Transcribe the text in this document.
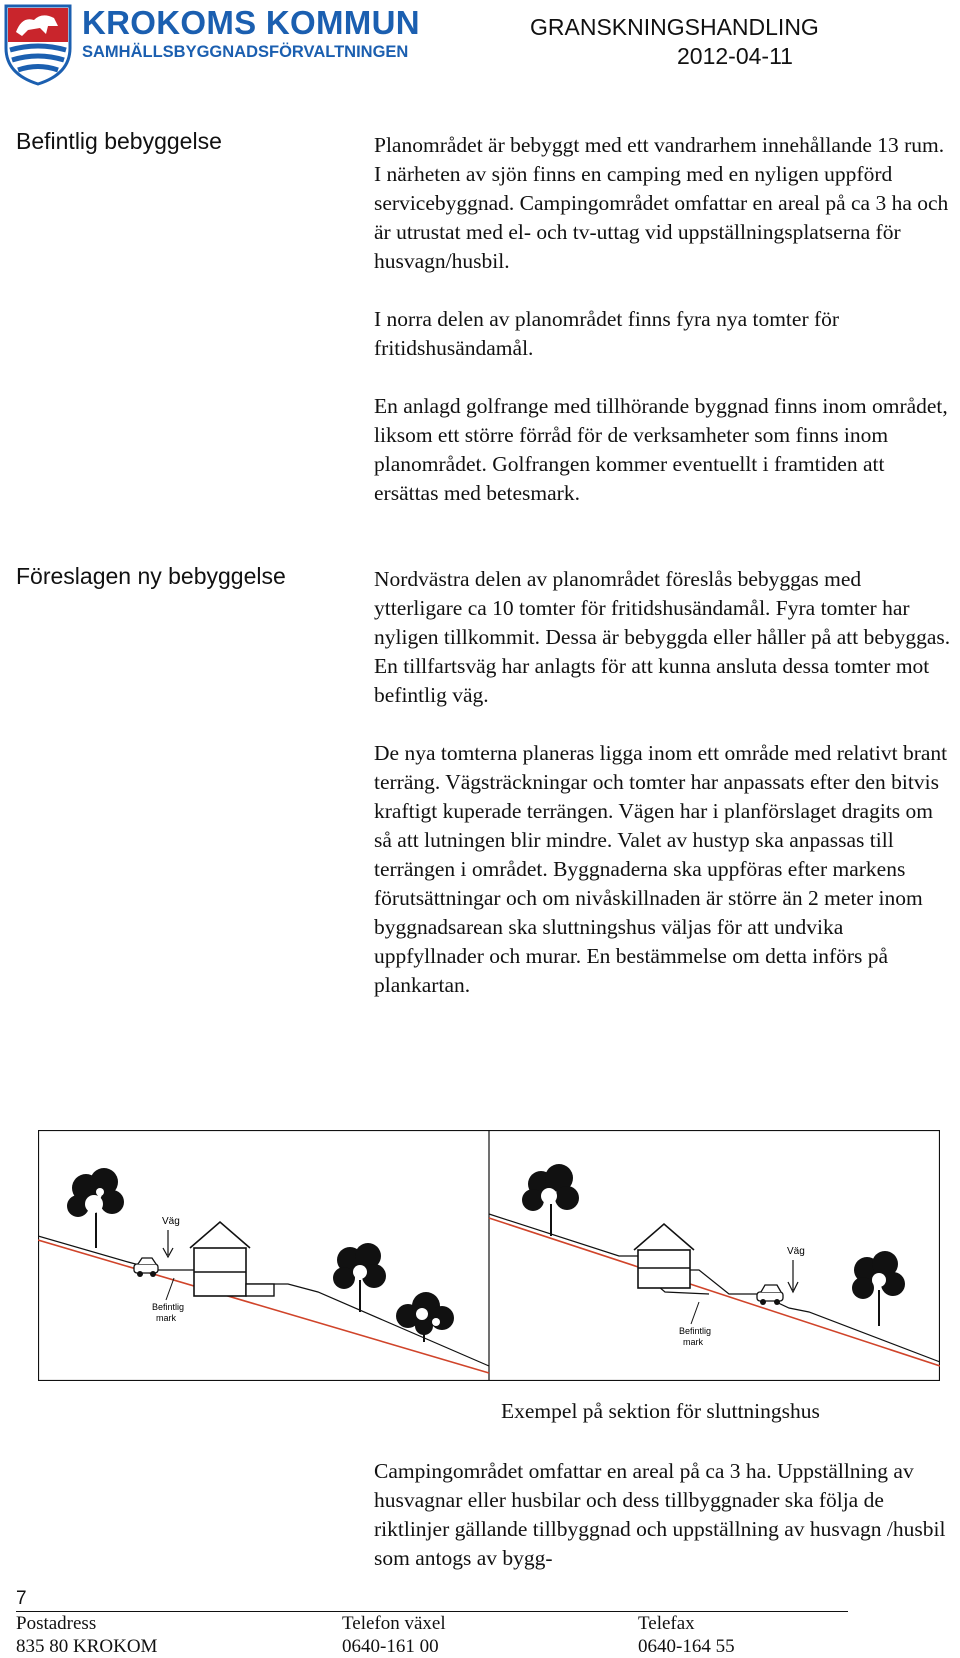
KROKOMS KOMMUN
SAMHÄLLSBYGGNADSFÖRVALTNINGEN
GRANSKNINGSHANDLING
2012-04-11
Befintlig bebyggelse	Planområdet är bebyggt med ett vandrarhem innehållande 13 rum. I närheten av sjön finns en camping med en nyligen uppförd servicebyggnad. Campingområdet omfattar en areal på ca 3 ha och är utrustat med el- och tv-uttag vid uppställningsplatserna för husvagn/husbil.

I norra delen av planområdet finns fyra nya tomter för fritidshusändamål.

En anlagd golfrange med tillhörande byggnad finns inom området, liksom ett större förråd för de verksamheter som finns inom planområdet. Golfrangen kommer eventuellt i framtiden att ersättas med betesmark.

Föreslagen ny bebyggelse	Nordvästra delen av planområdet föreslås bebyggas med ytterligare ca 10 tomter för fritidshusändamål. Fyra tomter har nyligen tillkommit. Dessa är bebyggda eller håller på att bebyggas. En tillfartsväg har anlagts för att kunna ansluta dessa tomter mot befintlig väg.

De nya tomterna planeras ligga inom ett område med relativt brant terräng. Vägsträckningar och tomter har anpassats efter den bitvis kraftigt kuperade terrängen. Vägen har i planförslaget dragits om så att lutningen blir mindre. Valet av hustyp ska anpassas till terrängen i området. Byggnaderna ska uppföras efter markens förutsättningar och om nivåskillnaden är större än 2 meter inom byggnadsarean ska sluttningshus väljas för att undvika uppfyllnader och murar. En bestämmelse om detta införs på plankartan.

Väg
Befintlig
mark
Väg
Befintlig
mark
Exempel på sektion för sluttningshus
Campingområdet omfattar en areal på ca 3 ha. Uppställning av husvagnar eller husbilar och dess tillbyggnader ska följa de riktlinjer gällande tillbyggnad och uppställning av husvagn /husbil som antogs av bygg-
7
Postadress
835 80 KROKOM
Telefon växel
0640-161 00
Telefax
0640-164 55
